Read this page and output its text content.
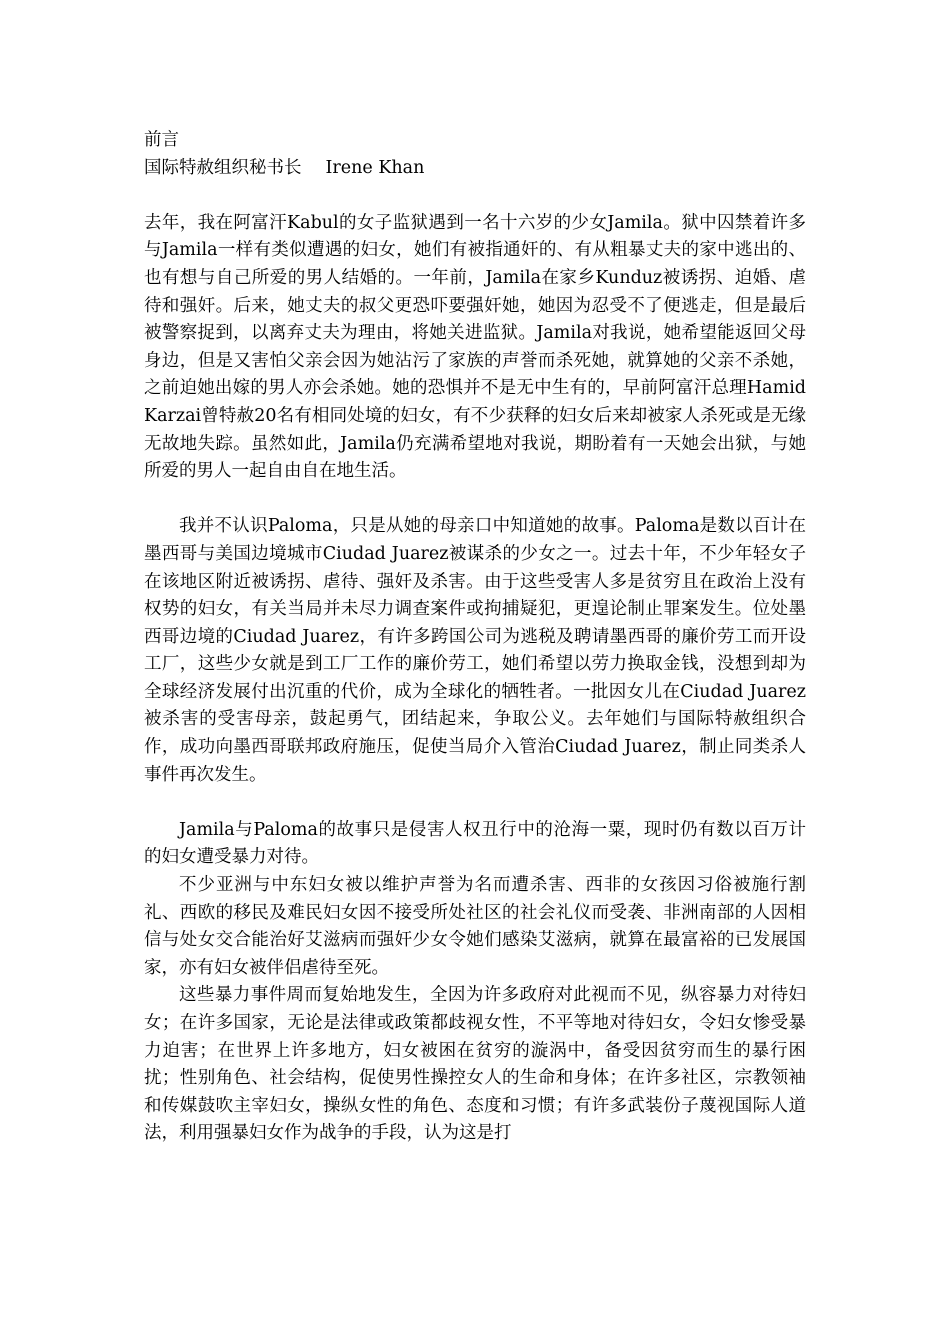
前言

国际特赦组织秘书长 Irene Khan

去年，我在阿富汗Kabul的女子监狱遇到一名十六岁的少女Jamila。狱中囚禁着许多与Jamila一样有类似遭遇的妇女，她们有被指通奸的、有从粗暴丈夫的家中逃出的、也有想与自己所爱的男人结婚的。一年前，Jamila在家乡Kunduz被诱拐、迫婚、虐待和强奸。后来，她丈夫的叔父更恐吓要强奸她，她因为忍受不了便逃走，但是最后被警察捉到，以离弃丈夫为理由，将她关进监狱。Jamila对我说，她希望能返回父母身边，但是又害怕父亲会因为她沾污了家族的声誉而杀死她，就算她的父亲不杀她，之前迫她出嫁的男人亦会杀她。她的恐惧并不是无中生有的，早前阿富汗总理Hamid Karzai曾特赦20名有相同处境的妇女，有不少获释的妇女后来却被家人杀死或是无缘无故地失踪。虽然如此，Jamila仍充满希望地对我说，期盼着有一天她会出狱，与她所爱的男人一起自由自在地生活。

我并不认识Paloma，只是从她的母亲口中知道她的故事。Paloma是数以百计在墨西哥与美国边境城市Ciudad Juarez被谋杀的少女之一。过去十年，不少年轻女子在该地区附近被诱拐、虐待、强奸及杀害。由于这些受害人多是贫穷且在政治上没有权势的妇女，有关当局并未尽力调查案件或拘捕疑犯，更遑论制止罪案发生。位处墨西哥边境的Ciudad Juarez，有许多跨国公司为逃税及聘请墨西哥的廉价劳工而开设工厂，这些少女就是到工厂工作的廉价劳工，她们希望以劳力换取金钱，没想到却为全球经济发展付出沉重的代价，成为全球化的牺牲者。一批因女儿在Ciudad Juarez被杀害的受害母亲，鼓起勇气，团结起来，争取公义。去年她们与国际特赦组织合作，成功向墨西哥联邦政府施压，促使当局介入管治Ciudad Juarez，制止同类杀人事件再次发生。

Jamila与Paloma的故事只是侵害人权丑行中的沧海一粟，现时仍有数以百万计的妇女遭受暴力对待。

不少亚洲与中东妇女被以维护声誉为名而遭杀害、西非的女孩因习俗被施行割礼、西欧的移民及难民妇女因不接受所处社区的社会礼仪而受袭、非洲南部的人因相信与处女交合能治好艾滋病而强奸少女令她们感染艾滋病，就算在最富裕的已发展国家，亦有妇女被伴侣虐待至死。

这些暴力事件周而复始地发生，全因为许多政府对此视而不见，纵容暴力对待妇女；在许多国家，无论是法律或政策都歧视女性，不平等地对待妇女，令妇女惨受暴力迫害；在世界上许多地方，妇女被困在贫穷的漩涡中，备受因贫穷而生的暴行困扰；性别角色、社会结构，促使男性操控女人的生命和身体；在许多社区，宗教领袖和传媒鼓吹主宰妇女，操纵女性的角色、态度和习惯；有许多武装份子蔑视国际人道法，利用强暴妇女作为战争的手段，认为这是打
